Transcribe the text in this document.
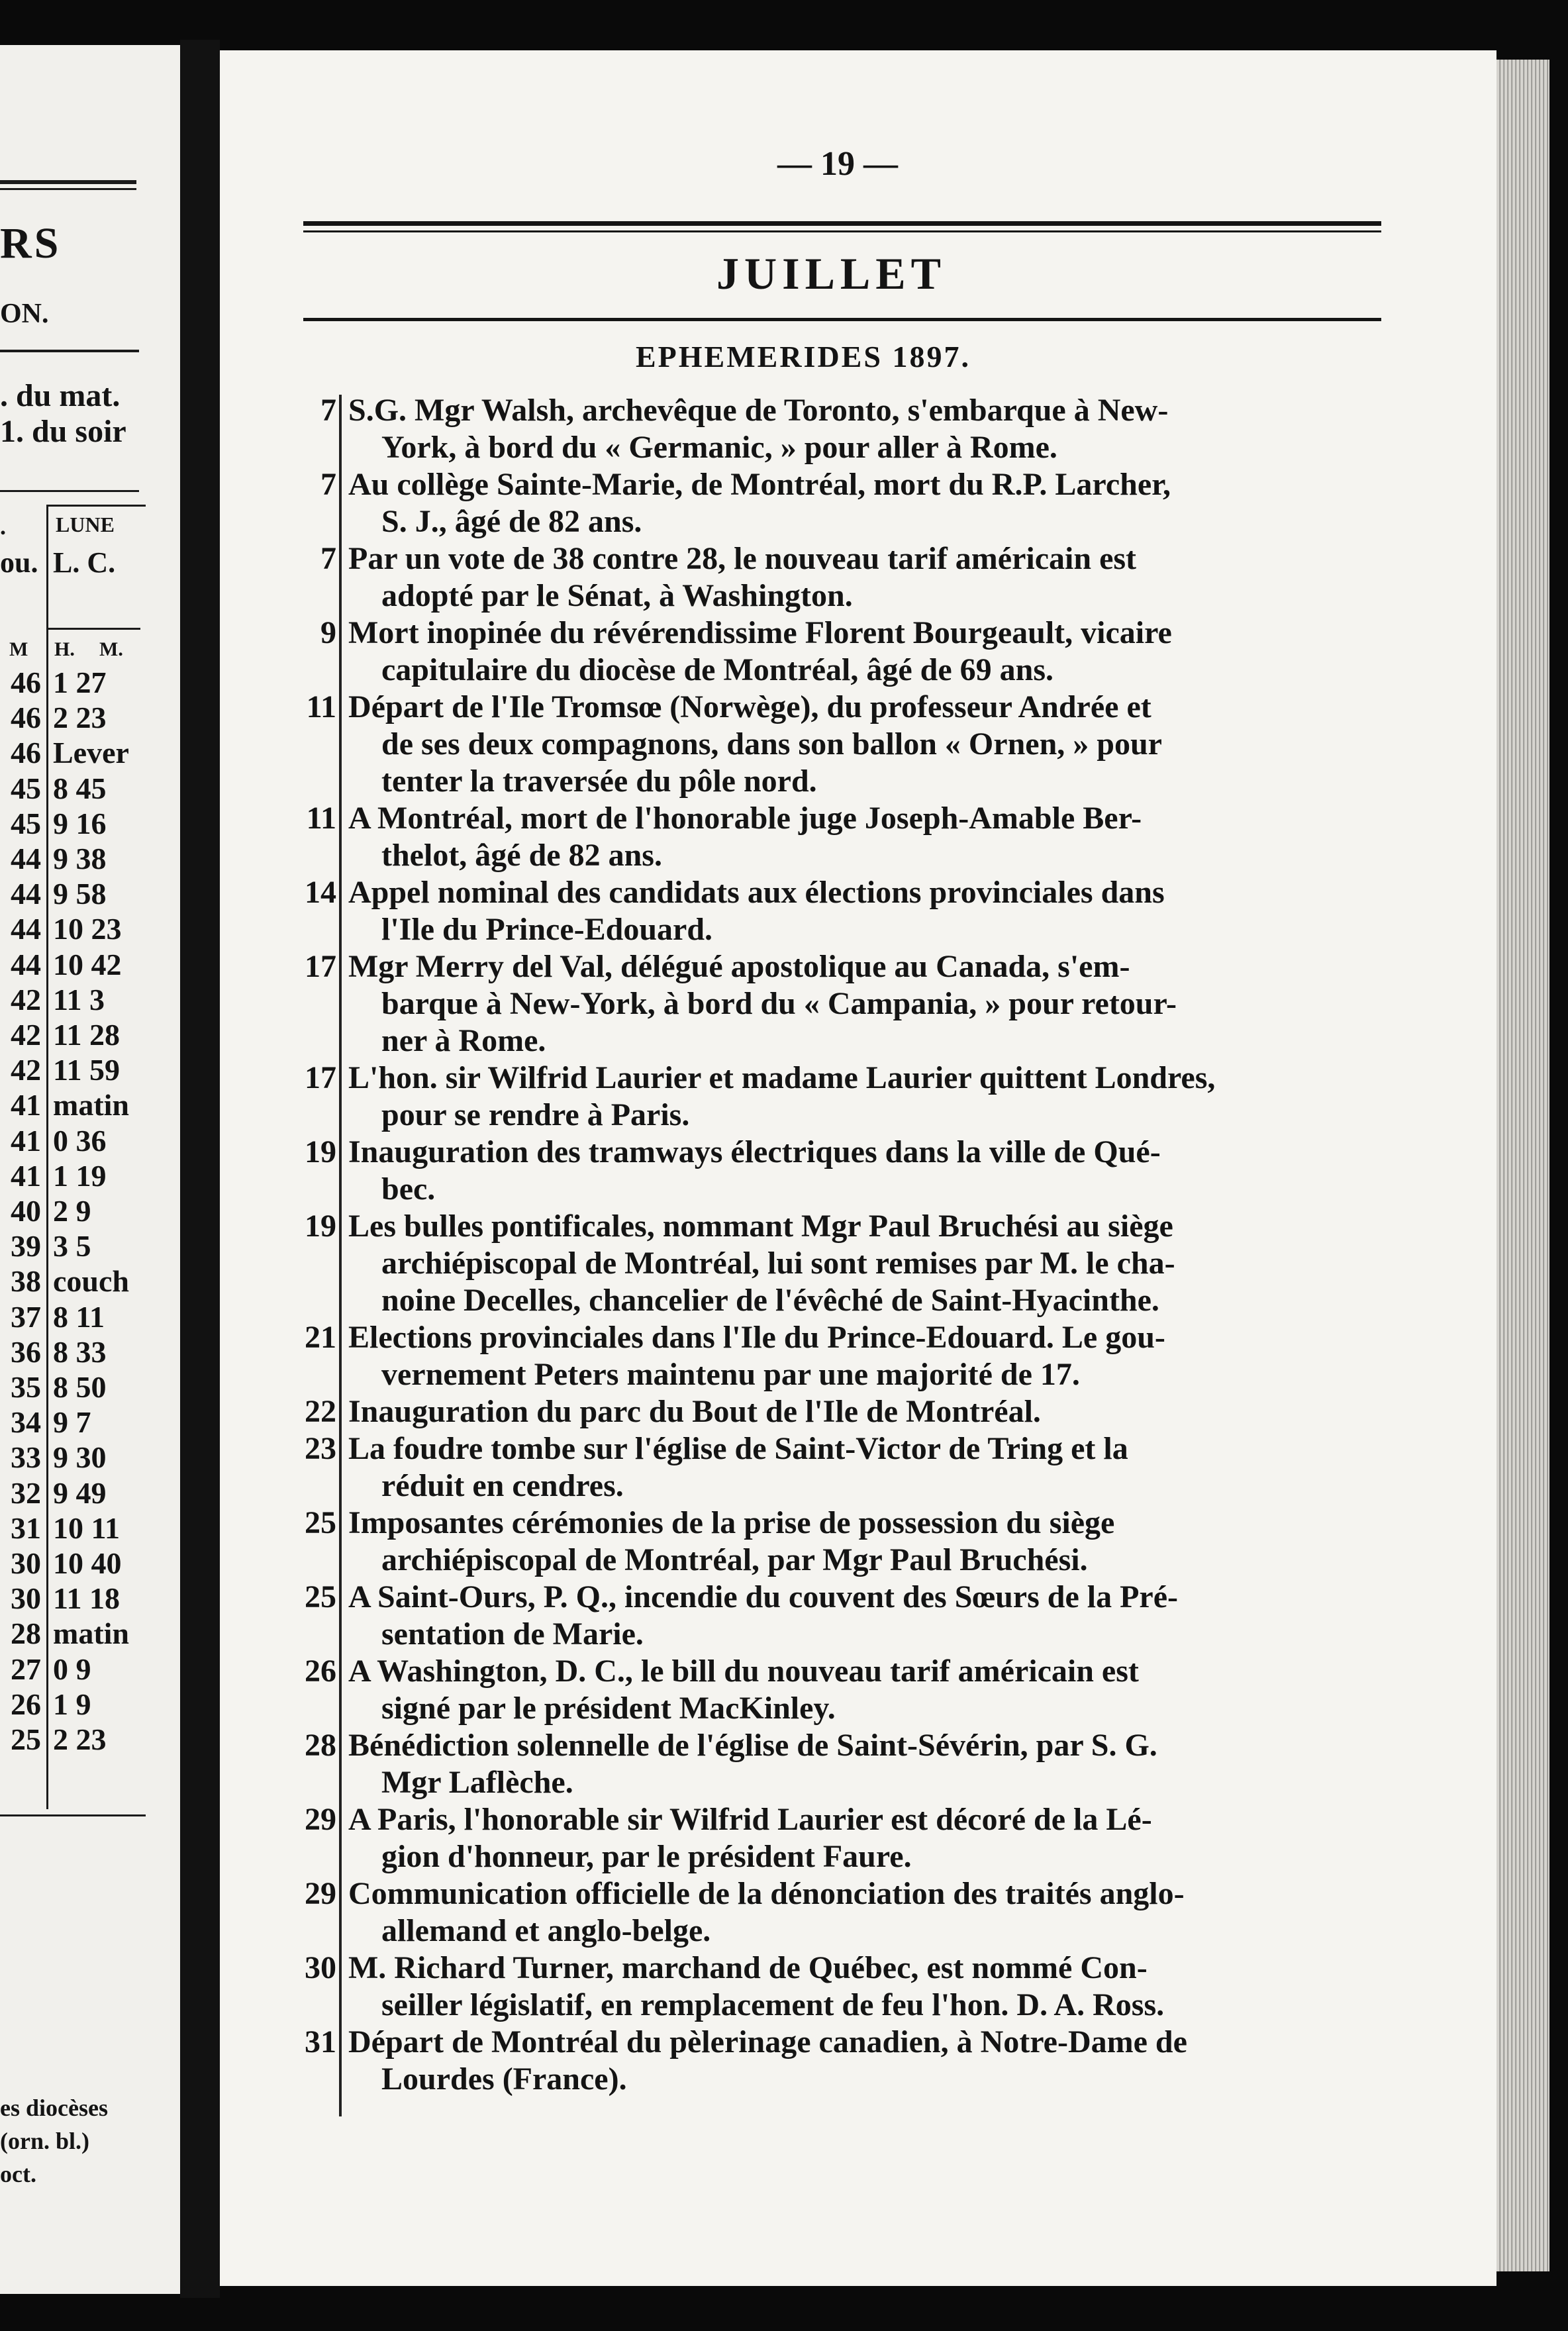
RS
ON.
. du mat.
1. du soir
.
ou.
LUNE
L. C.
M H. M.
46 1 27
46 2 23
46 Lever
45 8 45
45 9 16
44 9 38
44 9 58
44 10 23
44 10 42
42 11 3
42 11 28
42 11 59
41 matin
41 0 36
41 1 19
40 2 9
39 3 5
38 couch
37 8 11
36 8 33
35 8 50
34 9 7
33 9 30
32 9 49
31 10 11
30 10 40
30 11 18
28 matin
27 0 9
26 1 9
25 2 23
es diocèses
(orn. bl.)
oct.
— 19 —
JUILLET
EPHEMERIDES 1897.
7 S.G. Mgr Walsh, archevêque de Toronto, s'embarque à New-
York, à bord du « Germanic, » pour aller à Rome.
7 Au collège Sainte-Marie, de Montréal, mort du R.P. Larcher,
S. J., âgé de 82 ans.
7 Par un vote de 38 contre 28, le nouveau tarif américain est
adopté par le Sénat, à Washington.
9 Mort inopinée du révérendissime Florent Bourgeault, vicaire
capitulaire du diocèse de Montréal, âgé de 69 ans.
11 Départ de l'Ile Tromsœ (Norwège), du professeur Andrée et
de ses deux compagnons, dans son ballon « Ornen, » pour
tenter la traversée du pôle nord.
11 A Montréal, mort de l'honorable juge Joseph-Amable Ber-
thelot, âgé de 82 ans.
14 Appel nominal des candidats aux élections provinciales dans
l'Ile du Prince-Edouard.
17 Mgr Merry del Val, délégué apostolique au Canada, s'em-
barque à New-York, à bord du « Campania, » pour retour-
ner à Rome.
17 L'hon. sir Wilfrid Laurier et madame Laurier quittent Londres,
pour se rendre à Paris.
19 Inauguration des tramways électriques dans la ville de Qué-
bec.
19 Les bulles pontificales, nommant Mgr Paul Bruchési au siège
archiépiscopal de Montréal, lui sont remises par M. le cha-
noine Decelles, chancelier de l'évêché de Saint-Hyacinthe.
21 Elections provinciales dans l'Ile du Prince-Edouard. Le gou-
vernement Peters maintenu par une majorité de 17.
22 Inauguration du parc du Bout de l'Ile de Montréal.
23 La foudre tombe sur l'église de Saint-Victor de Tring et la
réduit en cendres.
25 Imposantes cérémonies de la prise de possession du siège
archiépiscopal de Montréal, par Mgr Paul Bruchési.
25 A Saint-Ours, P. Q., incendie du couvent des Sœurs de la Pré-
sentation de Marie.
26 A Washington, D. C., le bill du nouveau tarif américain est
signé par le président MacKinley.
28 Bénédiction solennelle de l'église de Saint-Sévérin, par S. G.
Mgr Laflèche.
29 A Paris, l'honorable sir Wilfrid Laurier est décoré de la Lé-
gion d'honneur, par le président Faure.
29 Communication officielle de la dénonciation des traités anglo-
allemand et anglo-belge.
30 M. Richard Turner, marchand de Québec, est nommé Con-
seiller législatif, en remplacement de feu l'hon. D. A. Ross.
31 Départ de Montréal du pèlerinage canadien, à Notre-Dame de
Lourdes (France).
